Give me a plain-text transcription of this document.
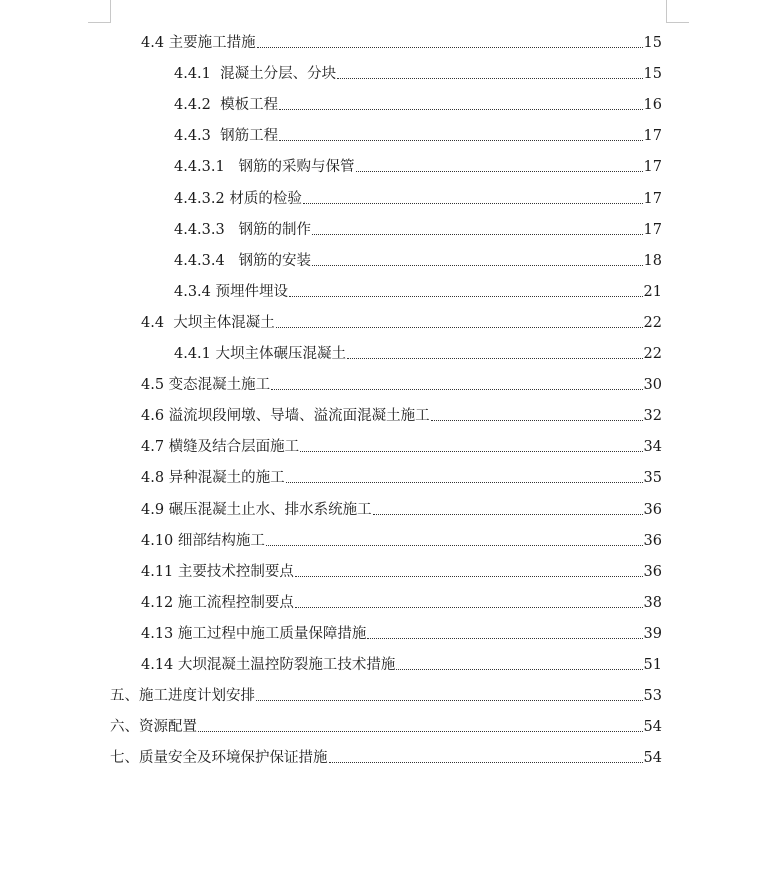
4.4 主要施工措施	15
4.4.1  混凝土分层、分块	15
4.4.2  模板工程	16
4.4.3  钢筋工程	17
4.4.3.1   钢筋的采购与保管	17
4.4.3.2 材质的检验	17
4.4.3.3   钢筋的制作	17
4.4.3.4   钢筋的安装	18
4.3.4 预埋件埋设	21
4.4  大坝主体混凝土	22
4.4.1 大坝主体碾压混凝土	22
4.5 变态混凝土施工	30
4.6 溢流坝段闸墩、导墙、溢流面混凝土施工	32
4.7 横缝及结合层面施工	34
4.8 异种混凝土的施工	35
4.9 碾压混凝土止水、排水系统施工	36
4.10 细部结构施工	36
4.11 主要技术控制要点	36
4.12 施工流程控制要点	38
4.13 施工过程中施工质量保障措施	39
4.14 大坝混凝土温控防裂施工技术措施	51
五、施工进度计划安排	53
六、资源配置	54
七、质量安全及环境保护保证措施	54
